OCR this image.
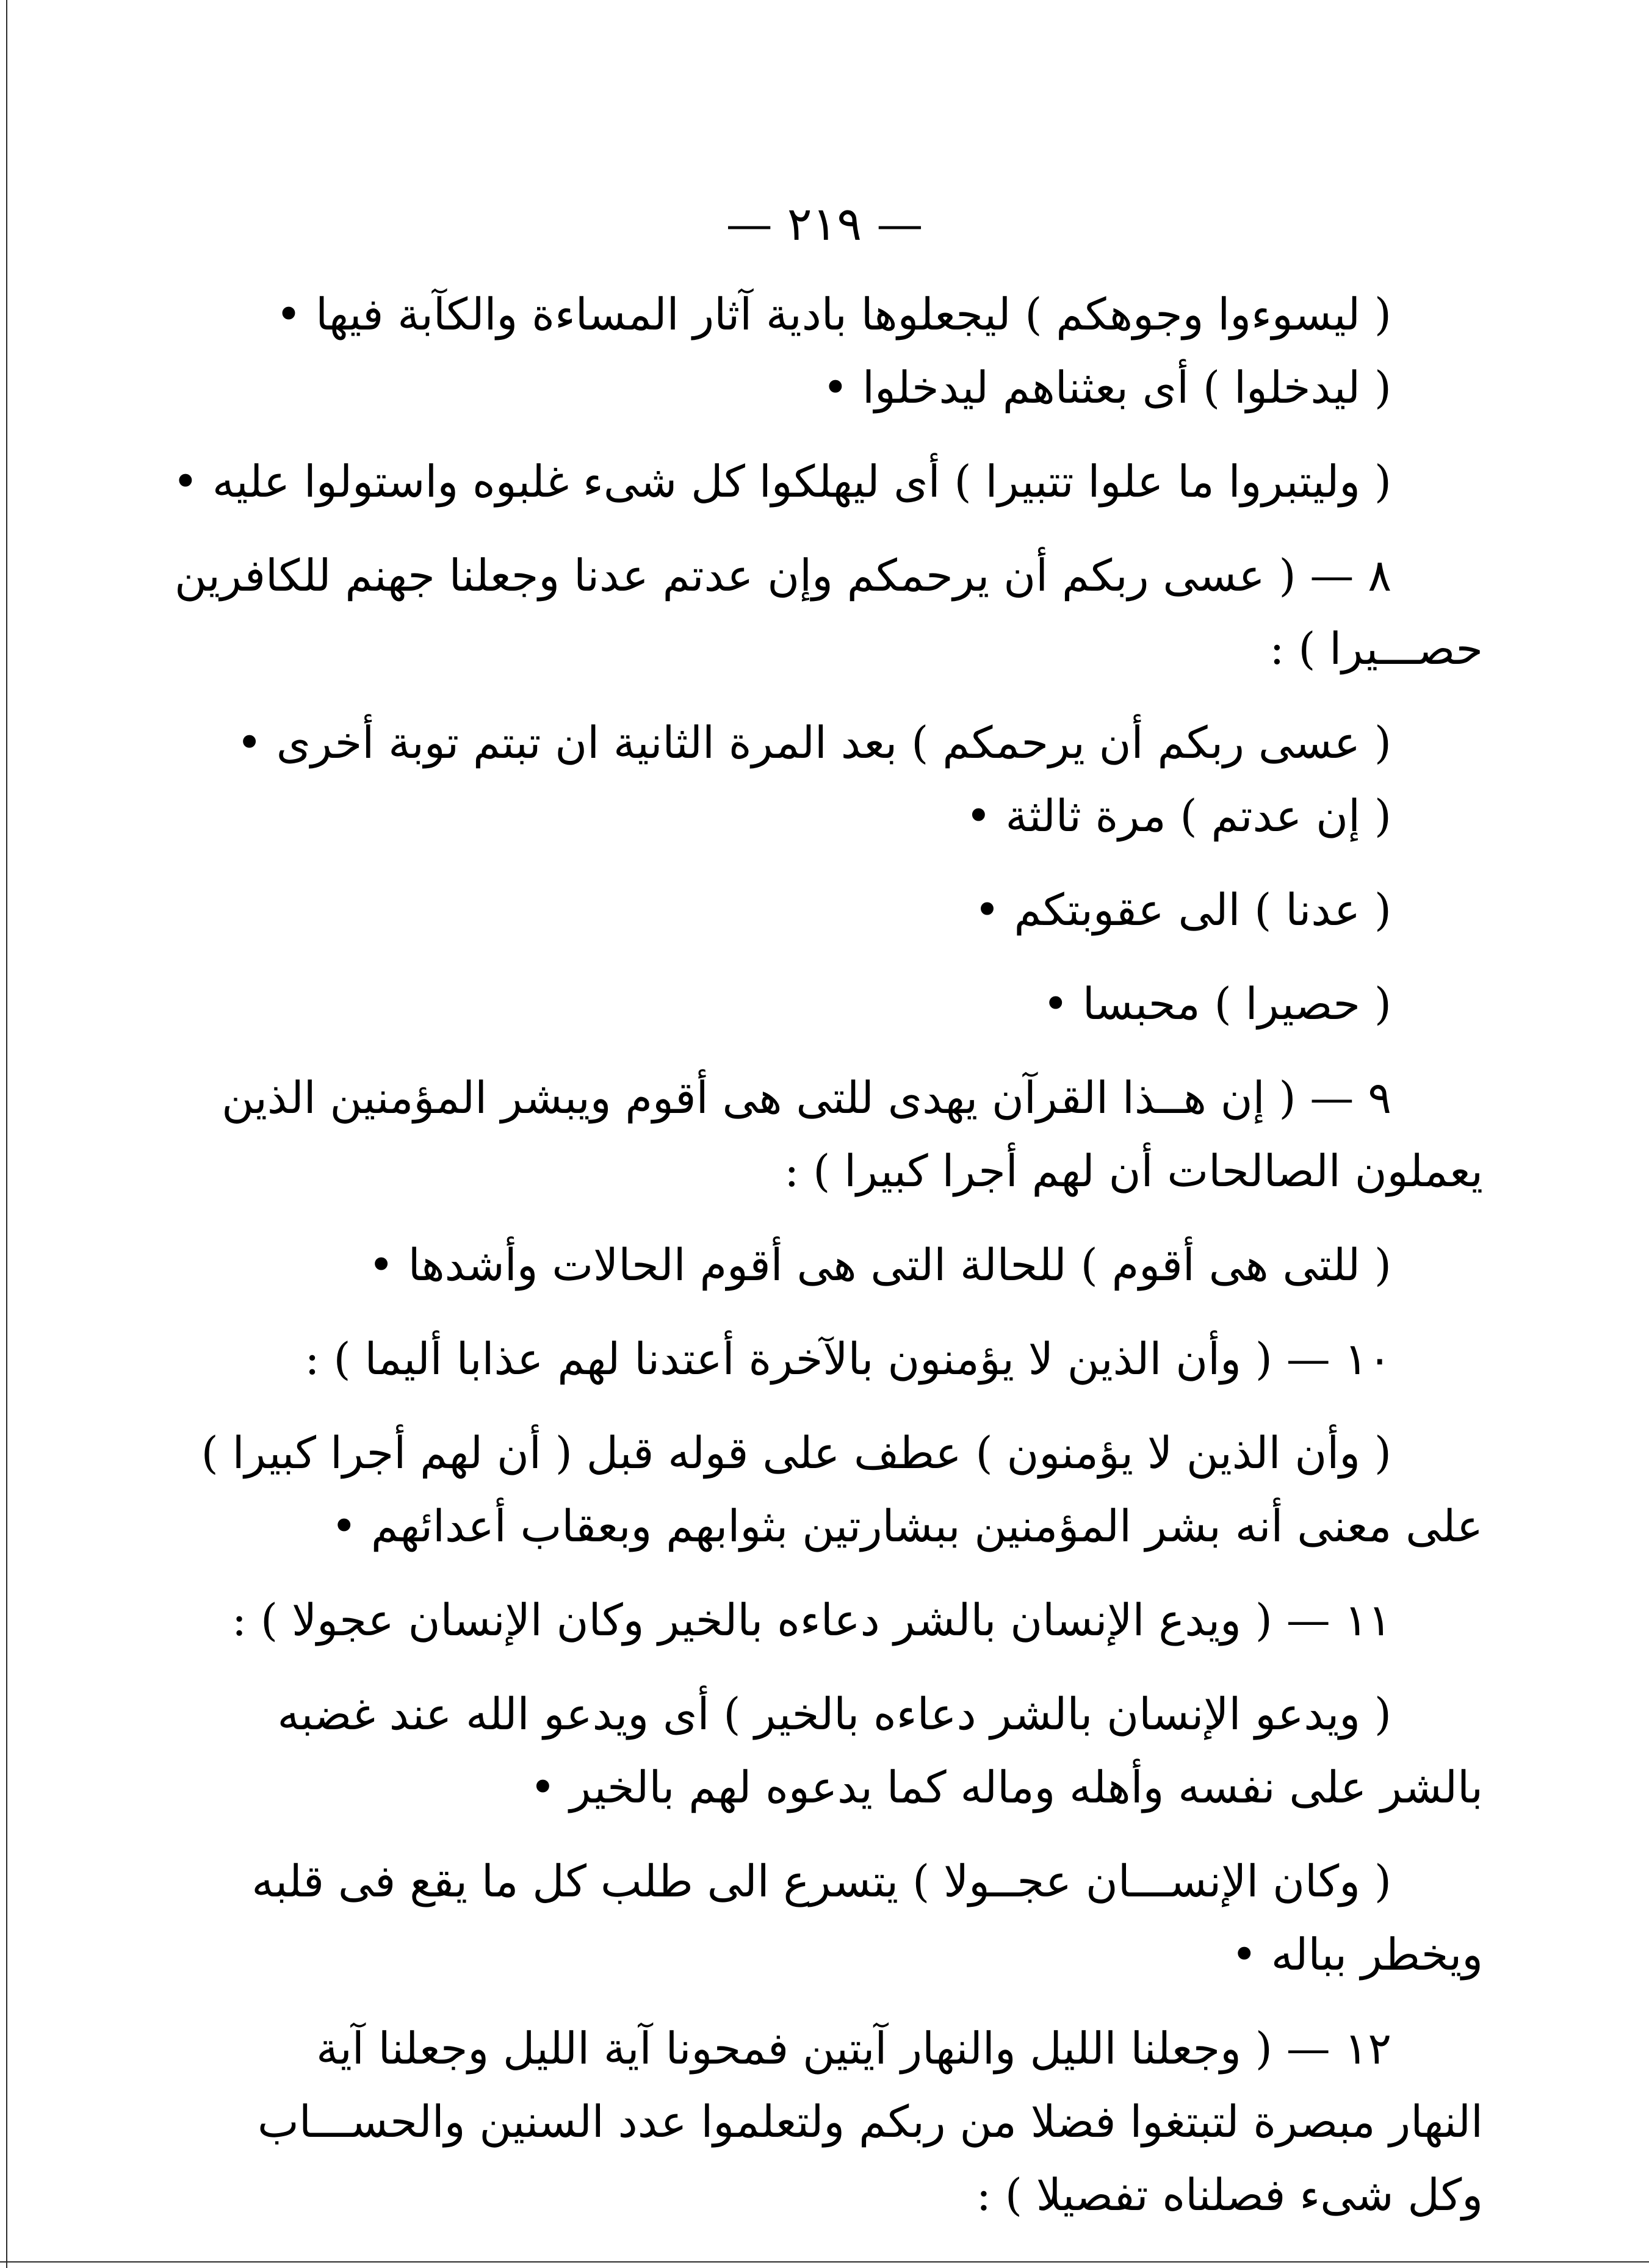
— ٢١٩ —
( ليسوءوا وجوهكم ) ليجعلوها بادية آثار المساءة والكآبة فيها •
( ليدخلوا ) أى بعثناهم ليدخلوا •
( وليتبروا ما علوا تتبيرا ) أى ليهلكوا كل شىء غلبوه واستولوا عليه •
٨ — ( عسى ربكم أن يرحمكم وإن عدتم عدنا وجعلنا جهنم للكافرين
حصـــيرا ) :
( عسى ربكم أن يرحمكم ) بعد المرة الثانية ان تبتم توبة أخرى •
( إن عدتم ) مرة ثالثة •
( عدنا ) الى عقوبتكم •
( حصيرا ) محبسا •
٩ — ( إن هــذا القرآن يهدى للتى هى أقوم ويبشر المؤمنين الذين
يعملون الصالحات أن لهم أجرا كبيرا ) :
( للتى هى أقوم ) للحالة التى هى أقوم الحالات وأشدها •
١٠ — ( وأن الذين لا يؤمنون بالآخرة أعتدنا لهم عذابا أليما ) :
( وأن الذين لا يؤمنون ) عطف على قوله قبل ( أن لهم أجرا كبيرا )
على معنى أنه بشر المؤمنين ببشارتين بثوابهم وبعقاب أعدائهم •
١١ — ( ويدع الإنسان بالشر دعاءه بالخير وكان الإنسان عجولا ) :
( ويدعو الإنسان بالشر دعاءه بالخير ) أى ويدعو الله عند غضبه
بالشر على نفسه وأهله وماله كما يدعوه لهم بالخير •
( وكان الإنســـان عجــولا ) يتسرع الى طلب كل ما يقع فى قلبه
ويخطر بباله •
١٢ — ( وجعلنا الليل والنهار آيتين فمحونا آية الليل وجعلنا آية
النهار مبصرة لتبتغوا فضلا من ربكم ولتعلموا عدد السنين والحســـاب
وكل شىء فصلناه تفصيلا ) :
